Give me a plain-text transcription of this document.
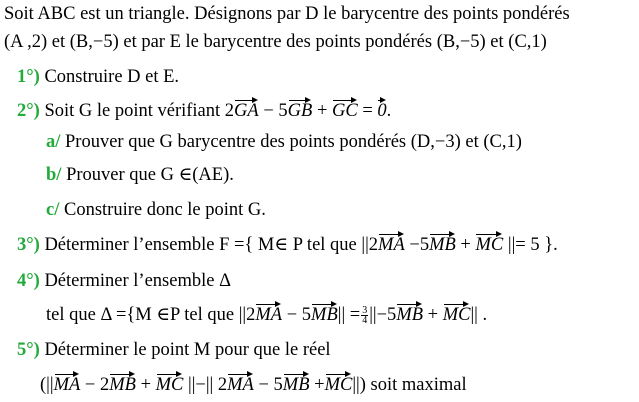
Soit ABC est un triangle. Désignons par D le barycentre des points pondérés
(A ,2) et (B,−5) et par E le barycentre des points pondérés (B,−5) et (C,1)
1°) Construire D et E.
2°) Soit G le point vérifiant 2GA − 5GB + GC = 0.
a/ Prouver que G barycentre des points pondérés (D,−3) et (C,1)
b/ Prouver que G ∈(AE).
c/ Construire donc le point G.
3°) Déterminer l’ensemble F ={ M∈ P tel que ||2MA −5MB + MC ||= 5 }.
4°) Déterminer l’ensemble Δ
tel que Δ ={M ∈P tel que $||2MA - 5MB|| = \frac{3}{4} ||-5MB + MC||$ .
5°) Déterminer le point M pour que le réel
(||MA − 2MB + MC ||−|| 2MA − 5MB +MC||) soit maximal
